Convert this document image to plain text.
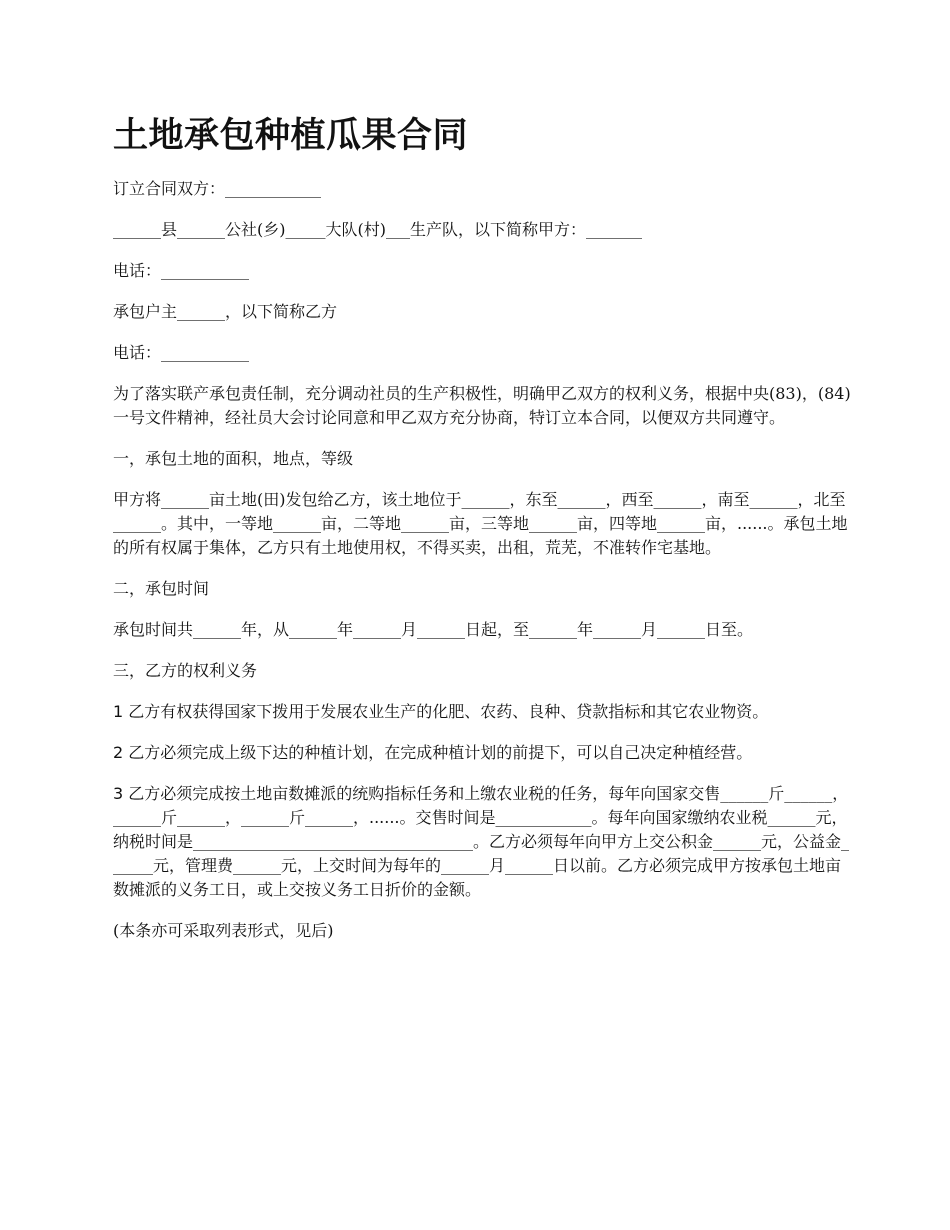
土地承包种植瓜果合同

订立合同双方：____________

______县______公社(乡)_____大队(村)___生产队，以下简称甲方：_______

电话：___________

承包户主______，以下简称乙方

电话：___________

为了落实联产承包责任制，充分调动社员的生产积极性，明确甲乙双方的权利义务，根据中央(83)，(84)一号文件精神，经社员大会讨论同意和甲乙双方充分协商，特订立本合同，以便双方共同遵守。

一，承包土地的面积，地点，等级

甲方将______亩土地(田)发包给乙方，该土地位于______，东至______，西至______，南至______，北至______。其中，一等地______亩，二等地______亩，三等地______亩，四等地______亩，......。承包土地的所有权属于集体，乙方只有土地使用权，不得买卖，出租，荒芜，不准转作宅基地。

二，承包时间

承包时间共______年，从______年______月______日起，至______年______月______日至。

三，乙方的权利义务

1 乙方有权获得国家下拨用于发展农业生产的化肥、农药、良种、贷款指标和其它农业物资。

2 乙方必须完成上级下达的种植计划，在完成种植计划的前提下，可以自己决定种植经营。

3 乙方必须完成按土地亩数摊派的统购指标任务和上缴农业税的任务，每年向国家交售______斤______，______斤______，______斤______，......。交售时间是____________。每年向国家缴纳农业税______元，纳税时间是___________________________________。乙方必须每年向甲方上交公积金______元，公益金______元，管理费______元，上交时间为每年的______月______日以前。乙方必须完成甲方按承包土地亩数摊派的义务工日，或上交按义务工日折价的金额。

(本条亦可采取列表形式，见后)
